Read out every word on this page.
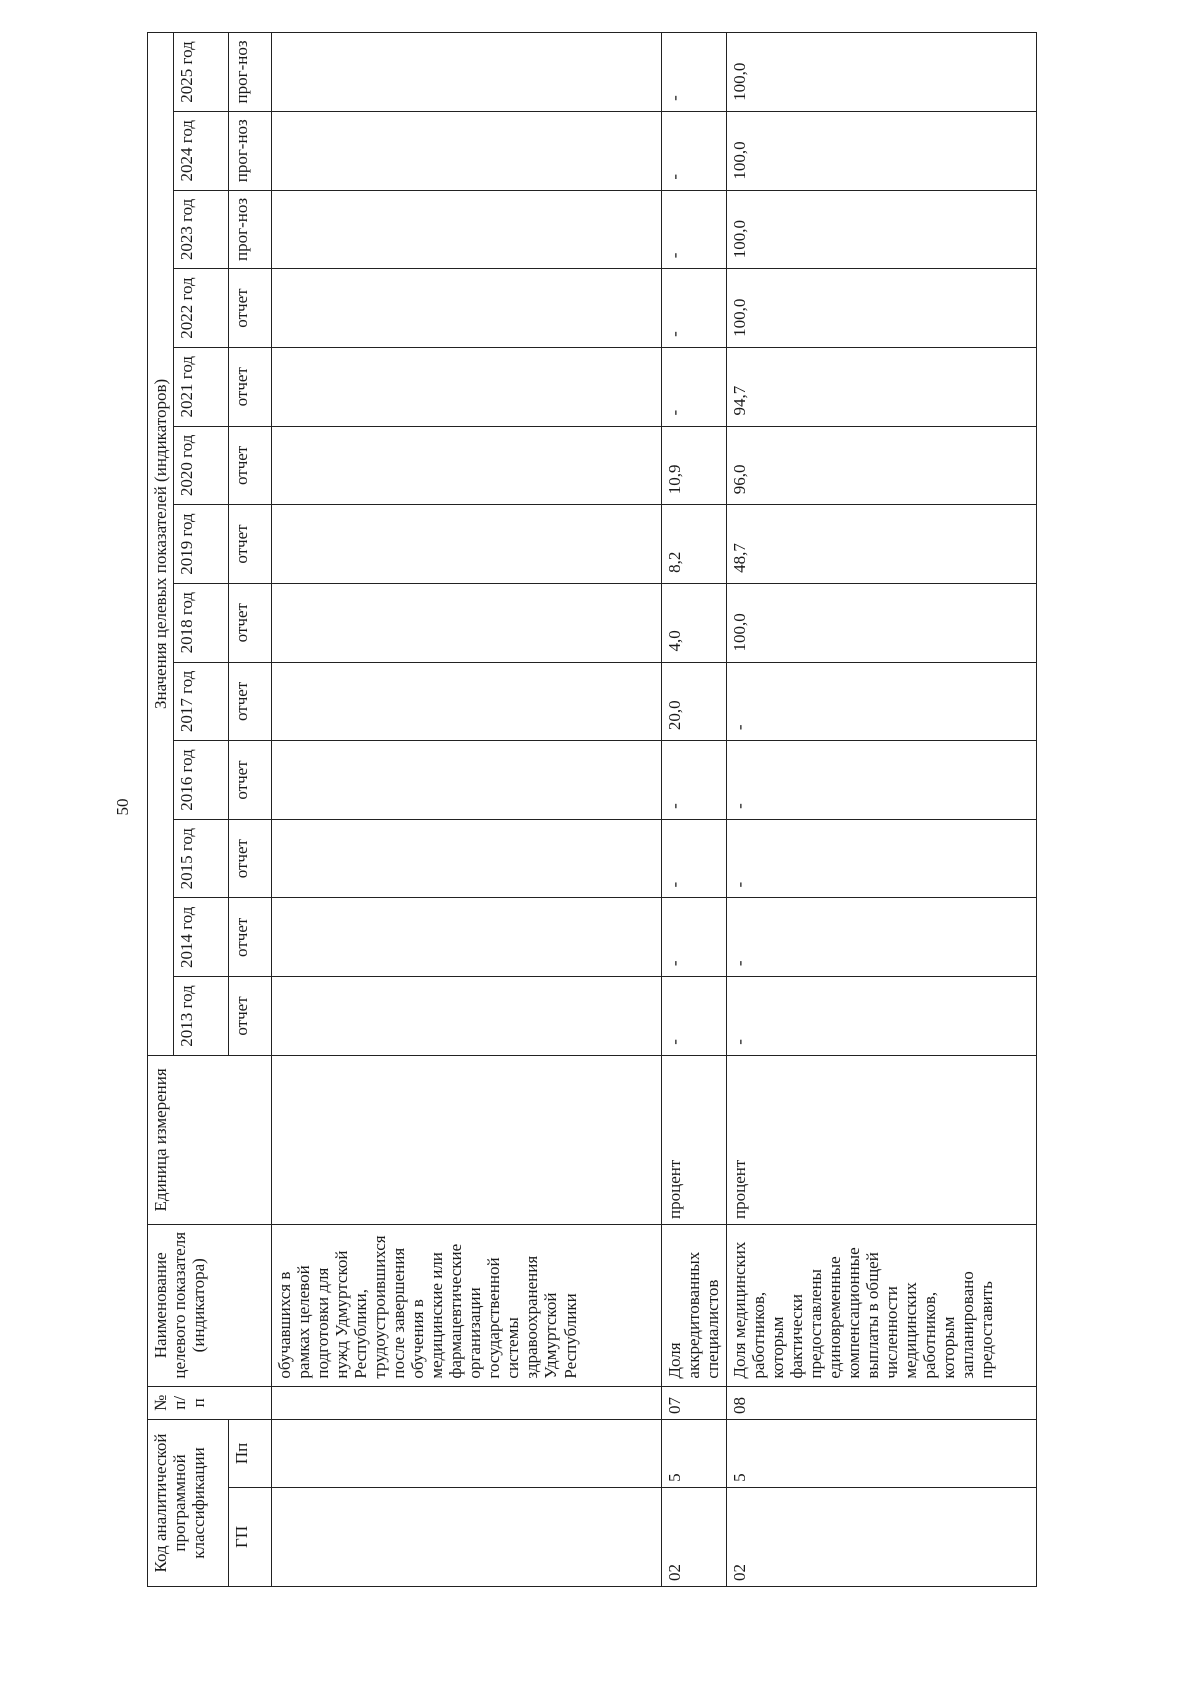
50
Код аналитической программной классификации		№ п/п	Наименование целевого показателя (индикатора)	Единица измерения	Значения целевых показателей (индикаторов)												
					2013 год	2014 год	2015 год	2016 год	2017 год	2018 год	2019 год	2020 год	2021 год	2022 год	2023 год	2024 год	2025 год
ГП	Пп				отчет	отчет	отчет	отчет	отчет	отчет	отчет	отчет	отчет	отчет	прог-ноз	прог-ноз	прог-ноз
			обучавшихся в рамках целевой подготовки для нужд Удмуртской Республики, трудоустроившихся после завершения обучения в медицинские или фармацевтические организации государственной системы здравоохранения Удмуртской Республики														
02	5	07	Доля аккредитованных специалистов	процент	-	-	-	-	20,0	4,0	8,2	10,9	-	-	-	-	-
02	5	08	Доля медицинских работников, которым фактически предоставлены единовременные компенсационные выплаты в общей численности медицинских работников, которым запланировано предоставить	процент	-	-	-	-	-	100,0	48,7	96,0	94,7	100,0	100,0	100,0	100,0
